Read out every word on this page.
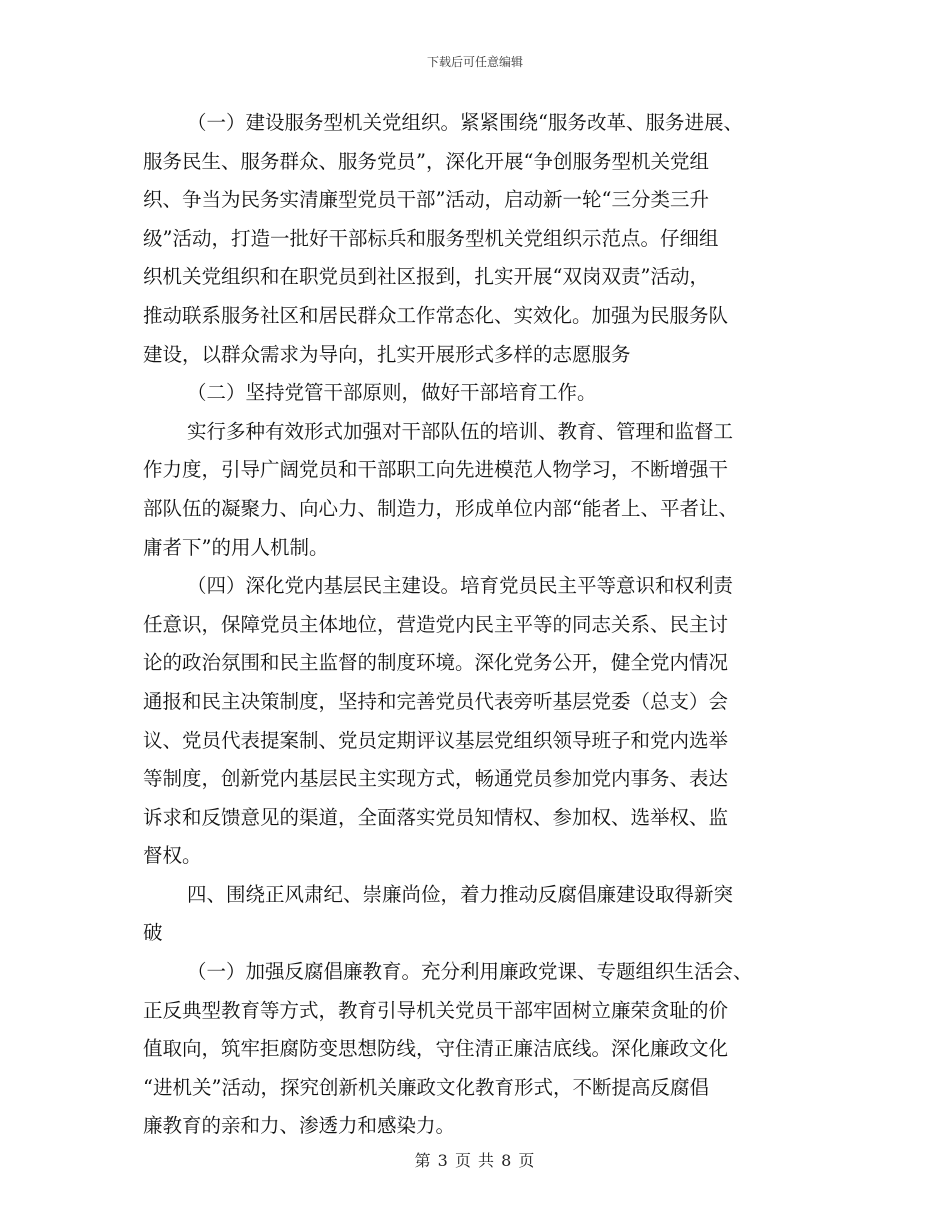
下载后可任意编辑
（一）建设服务型机关党组织。紧紧围绕“服务改革、服务进展、
服务民生、服务群众、服务党员”，深化开展“争创服务型机关党组
织、争当为民务实清廉型党员干部”活动，启动新一轮“三分类三升
级”活动，打造一批好干部标兵和服务型机关党组织示范点。仔细组
织机关党组织和在职党员到社区报到，扎实开展“双岗双责”活动，
推动联系服务社区和居民群众工作常态化、实效化。加强为民服务队
建设，以群众需求为导向，扎实开展形式多样的志愿服务
（二）坚持党管干部原则，做好干部培育工作。
实行多种有效形式加强对干部队伍的培训、教育、管理和监督工
作力度，引导广阔党员和干部职工向先进模范人物学习，不断增强干
部队伍的凝聚力、向心力、制造力，形成单位内部“能者上、平者让、
庸者下”的用人机制。
（四）深化党内基层民主建设。培育党员民主平等意识和权利责
任意识，保障党员主体地位，营造党内民主平等的同志关系、民主讨
论的政治氛围和民主监督的制度环境。深化党务公开，健全党内情况
通报和民主决策制度，坚持和完善党员代表旁听基层党委（总支）会
议、党员代表提案制、党员定期评议基层党组织领导班子和党内选举
等制度，创新党内基层民主实现方式，畅通党员参加党内事务、表达
诉求和反馈意见的渠道，全面落实党员知情权、参加权、选举权、监
督权。
四、围绕正风肃纪、崇廉尚俭，着力推动反腐倡廉建设取得新突
破
（一）加强反腐倡廉教育。充分利用廉政党课、专题组织生活会、
正反典型教育等方式，教育引导机关党员干部牢固树立廉荣贪耻的价
值取向，筑牢拒腐防变思想防线，守住清正廉洁底线。深化廉政文化
“进机关”活动，探究创新机关廉政文化教育形式，不断提高反腐倡
廉教育的亲和力、渗透力和感染力。
第 3 页 共 8 页
